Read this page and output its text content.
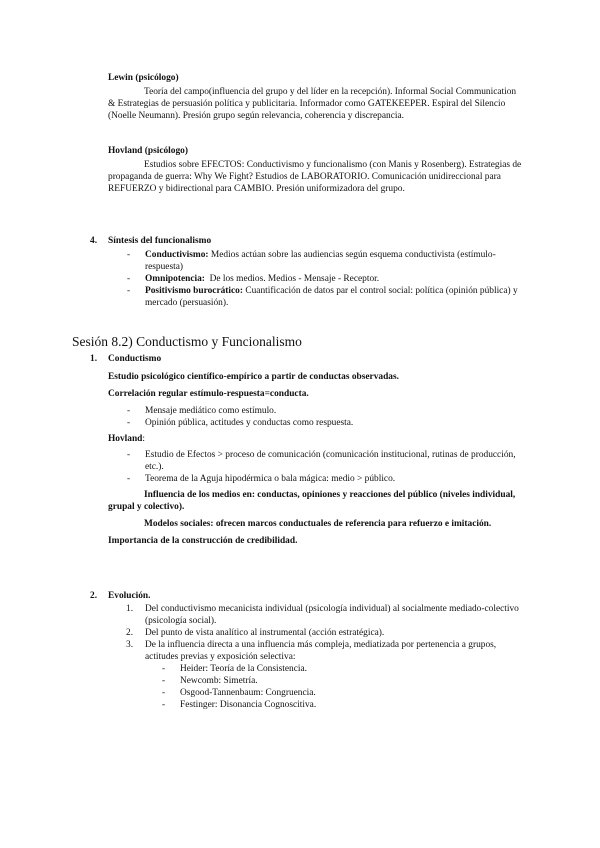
Lewin (psicólogo)

Teoría del campo(influencia del grupo y del líder en la recepción). Informal Social Communication & Estrategias de persuasión política y publicitaria. Informador como GATEKEEPER. Espiral del Silencio (Noelle Neumann). Presión grupo según relevancia, coherencia y discrepancia.

Hovland (psicólogo)

Estudios sobre EFECTOS: Conductivismo y funcionalismo (con Manis y Rosenberg). Estrategias de propaganda de guerra: Why We Fight? Estudios de LABORATORIO. Comunicación unidireccional para REFUERZO y bidirectional para CAMBIO. Presión uniformizadora del grupo.

4. Síntesis del funcionalismo
- Conductivismo: Medios actúan sobre las audiencias según esquema conductivista (estímulo-respuesta)
- Omnipotencia:  De los medios. Medios - Mensaje - Receptor.
- Positivismo burocrático: Cuantificación de datos par el control social: política (opinión pública) y mercado (persuasión).
Sesión 8.2) Conductismo y Funcionalismo
1. Conductismo

Estudio psicológico científico-empírico a partir de conductas observadas.

Correlación regular estímulo-respuesta=conducta.

- Mensaje mediático como estímulo.
- Opinión pública, actitudes y conductas como respuesta.

Hovland:

- Estudio de Efectos > proceso de comunicación (comunicación institucional, rutinas de producción, etc.).
- Teorema de la Aguja hipodérmica o bala mágica: medio > público.

Influencia de los medios en: conductas, opiniones y reacciones del público (niveles individual, grupal y colectivo).

Modelos sociales: ofrecen marcos conductuales de referencia para refuerzo e imitación.

Importancia de la construcción de credibilidad.

2. Evolución.
1. Del conductivismo mecanicista individual (psicología individual) al socialmente mediado-colectivo (psicología social).
2. Del punto de vista analítico al instrumental (acción estratégica).
3. De la influencia directa a una influencia más compleja, mediatizada por pertenencia a grupos, actitudes previas y exposición selectiva:
- Heider: Teoría de la Consistencia.
- Newcomb: Simetría.
- Osgood-Tannenbaum: Congruencia.
- Festinger: Disonancia Cognoscitiva.
